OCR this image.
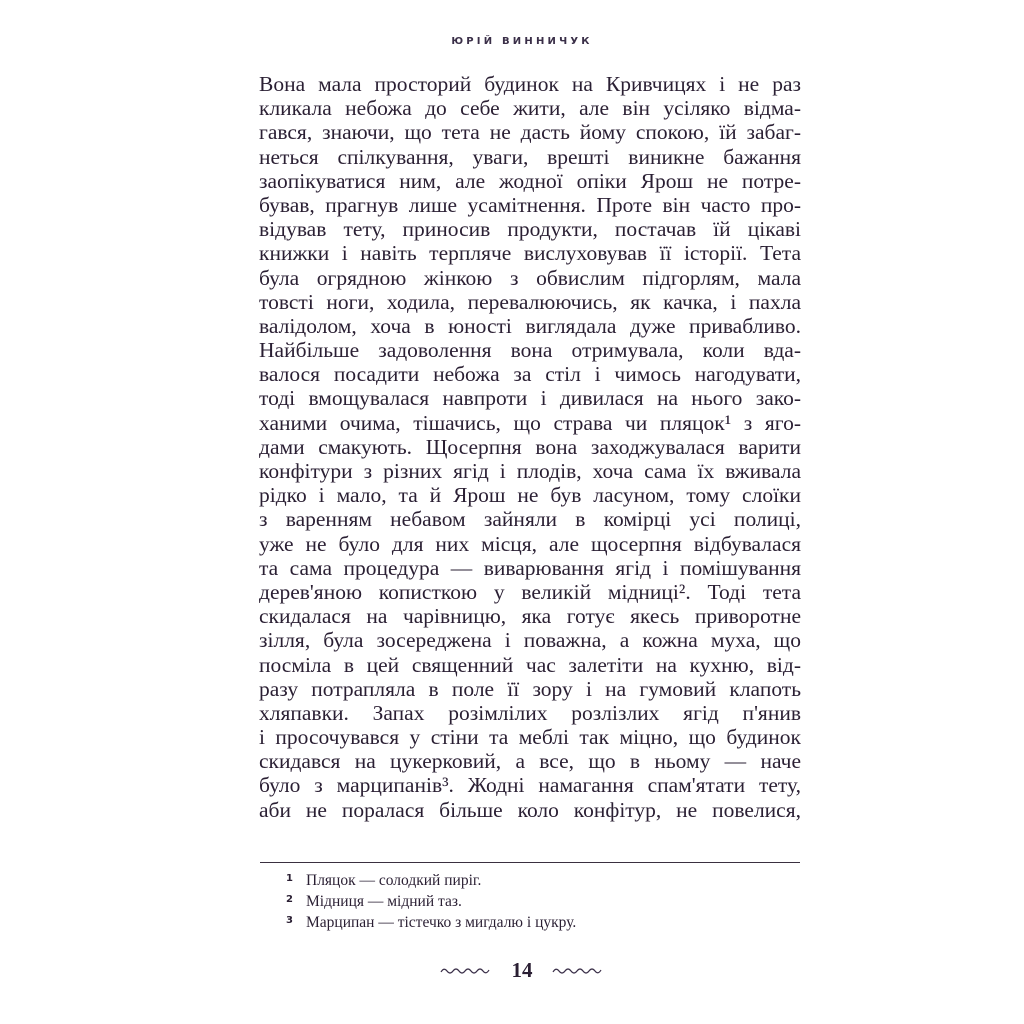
ЮРІЙ ВИННИЧУК
Вона мала просторий будинок на Кривчицях і не раз
кликала небожа до себе жити, але він усіляко відма-
гався, знаючи, що тета не дасть йому спокою, їй забаг-
неться спілкування, уваги, врешті виникне бажання
заопікуватися ним, але жодної опіки Ярош не потре-
бував, прагнув лише усамітнення. Проте він часто про-
відував тету, приносив продукти, постачав їй цікаві
книжки і навіть терпляче вислуховував її історії. Тета
була огрядною жінкою з обвислим підгорлям, мала
товсті ноги, ходила, перевалюючись, як качка, і пахла
валідолом, хоча в юності виглядала дуже привабливо.
Найбільше задоволення вона отримувала, коли вда-
валося посадити небожа за стіл і чимось нагодувати,
тоді вмощувалася навпроти і дивилася на нього зако-
ханими очима, тішачись, що страва чи пляцок¹ з яго-
дами смакують. Щосерпня вона заходжувалася варити
конфітури з різних ягід і плодів, хоча сама їх вживала
рідко і мало, та й Ярош не був ласуном, тому слоїки
з варенням небавом зайняли в комірці усі полиці,
уже не було для них місця, але щосерпня відбувалася
та сама процедура — виварювання ягід і помішування
дерев'яною кописткою у великій мідниці². Тоді тета
скидалася на чарівницю, яка готує якесь приворотне
зілля, була зосереджена і поважна, а кожна муха, що
посміла в цей священний час залетіти на кухню, від-
разу потрапляла в поле її зору і на гумовий клапоть
хляпавки. Запах розімлілих розлізлих ягід п'янив
і просочувався у стіни та меблі так міцно, що будинок
скидався на цукерковий, а все, що в ньому — наче
було з марципанів³. Жодні намагання спам'ятати тету,
аби не поралася більше коло конфітур, не повелися,
1 Пляцок — солодкий пиріг.
2 Мідниця — мідний таз.
3 Марципан — тістечко з мигдалю і цукру.
14
